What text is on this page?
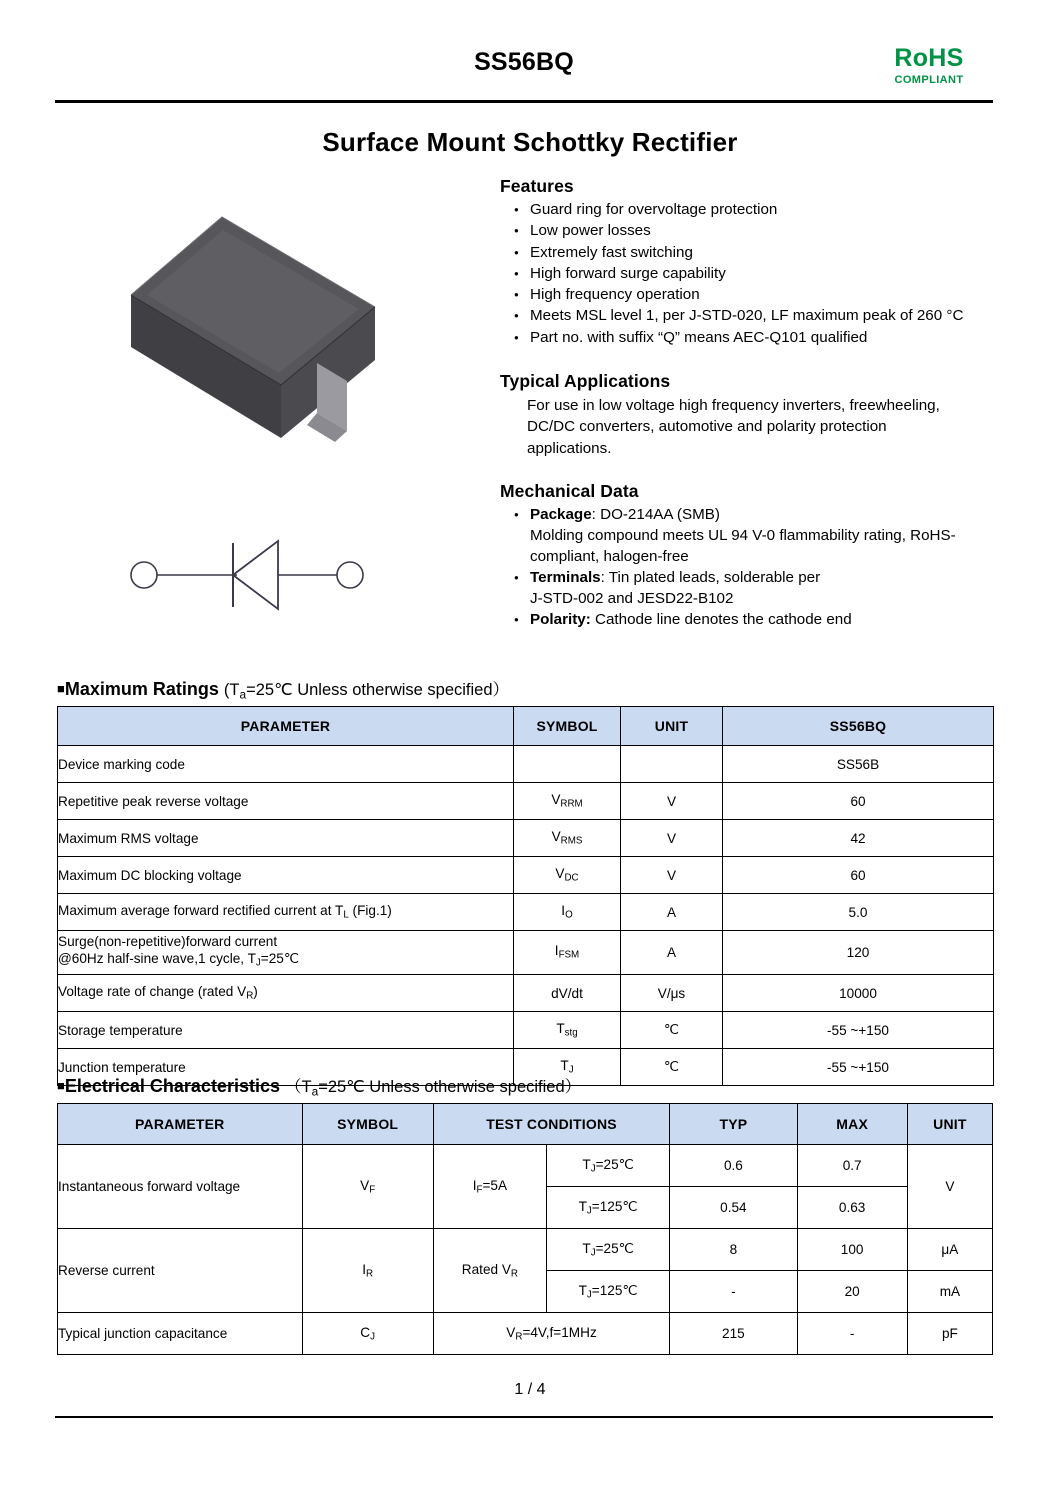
SS56BQ	RoHS
COMPLIANT
Surface Mount Schottky Rectifier
Features
● Guard ring for overvoltage protection
● Low power losses
● Extremely fast switching
● High forward surge capability
● High frequency operation
● Meets MSL level 1, per J-STD-020, LF maximum peak of 260 °C
● Part no. with suffix “Q” means AEC-Q101 qualified
Typical Applications

For use in low voltage high frequency inverters, freewheeling, DC/DC converters, automotive and polarity protection applications.

Mechanical Data
● Package: DO-214AA (SMB)
Molding compound meets UL 94 V-0 flammability rating, RoHS-compliant, halogen-free
● Terminals: Tin plated leads, solderable per
J-STD-002 and JESD22-B102
● Polarity: Cathode line denotes the cathode end
■Maximum Ratings ($T_a=25℃$ Unless otherwise specified）
PARAMETER	SYMBOL	UNIT	SS56BQ
Device marking code			SS56B
Repetitive peak reverse voltage	$V_{RRM}$	V	60
Maximum RMS voltage	$V_{RMS}$	V	42
Maximum DC blocking voltage	$V_{DC}$	V	60
Maximum average forward rectified current at $T_L$ (Fig.1)	$I_O$	A	5.0

Surge(non-repetitive)forward current
@60Hz half-sine wave,1 cycle, $T_J=25℃$	$I_{FSM}$	A	120
Voltage rate of change (rated $V_R$)	dV/dt	V/μs	10000
Storage temperature	$T_{stg}$	℃	-55 ~+150
Junction temperature	$T_J$	℃	-55 ~+150
■Electrical Characteristics （$T_a=25℃$ Unless otherwise specified）
PARAMETER	SYMBOL	TEST CONDITIONS		TYP	MAX	UNIT
Instantaneous forward voltage	$V_F$	$I_F=5A$	$T_J=25℃$	0.6	0.7	V
			$T_J=125℃$	0.54	0.63	
Reverse current	$I_R$	Rated $V_R$	$T_J=25℃$	8	100	μA
			$T_J=125℃$	-	20	mA
Typical junction capacitance	$C_J$	$V_R=4V,f=1MHz$		215	-	pF
1 / 4
